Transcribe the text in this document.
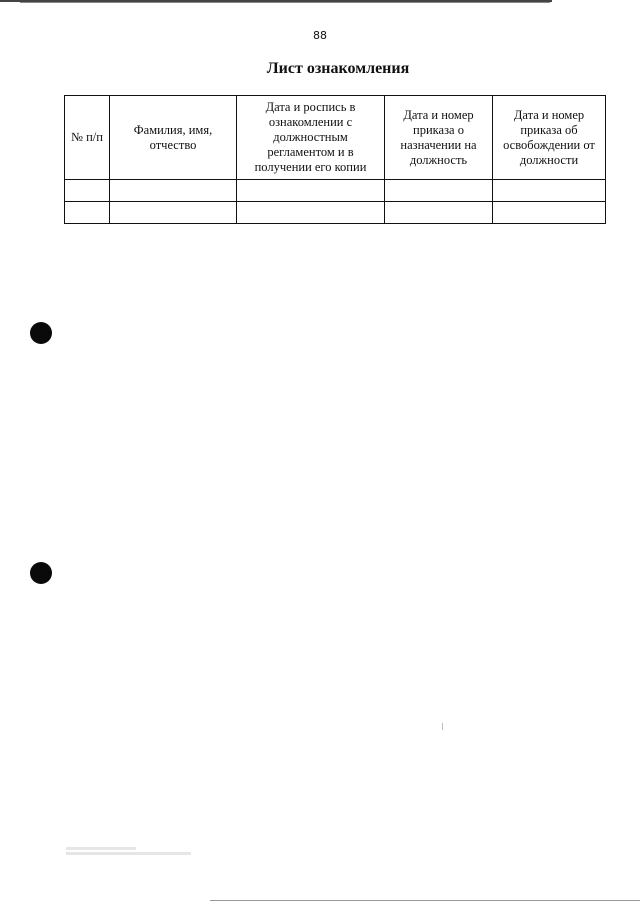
88
Лист ознакомления
№ п/п	Фамилия, имя, отчество	Дата и роспись в ознакомлении с должностным регламентом и в получении его копии	Дата и номер приказа о назначении на должность	Дата и номер приказа об освобождении от должности
